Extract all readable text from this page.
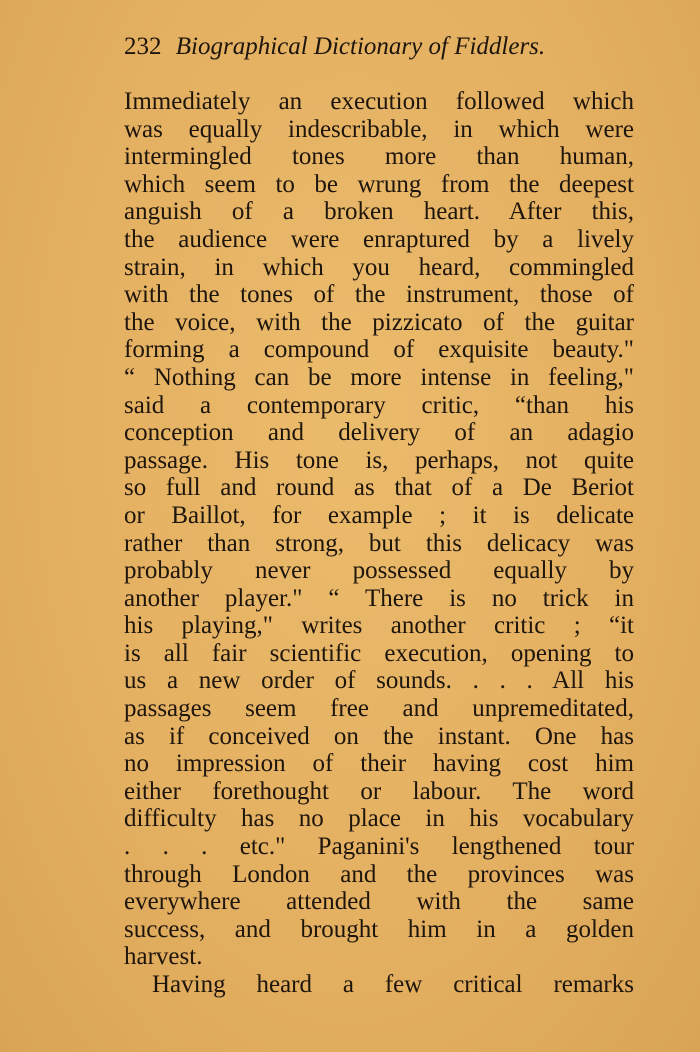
232 Biographical Dictionary of Fiddlers.
Immediately an execution followed which
was equally indescribable, in which were
intermingled tones more than human,
which seem to be wrung from the deepest
anguish of a broken heart. After this,
the audience were enraptured by a lively
strain, in which you heard, commingled
with the tones of the instrument, those of
the voice, with the pizzicato of the guitar
forming a compound of exquisite beauty."
“ Nothing can be more intense in feeling,"
said a contemporary critic, “than his
conception and delivery of an adagio
passage. His tone is, perhaps, not quite
so full and round as that of a De Beriot
or Baillot, for example ; it is delicate
rather than strong, but this delicacy was
probably never possessed equally by
another player." “ There is no trick in
his playing," writes another critic ; “it
is all fair scientific execution, opening to
us a new order of sounds. . . . All his
passages seem free and unpremeditated,
as if conceived on the instant. One has
no impression of their having cost him
either forethought or labour. The word
difficulty has no place in his vocabulary
. . . etc." Paganini's lengthened tour
through London and the provinces was
everywhere attended with the same
success, and brought him in a golden
harvest.
Having heard a few critical remarks
